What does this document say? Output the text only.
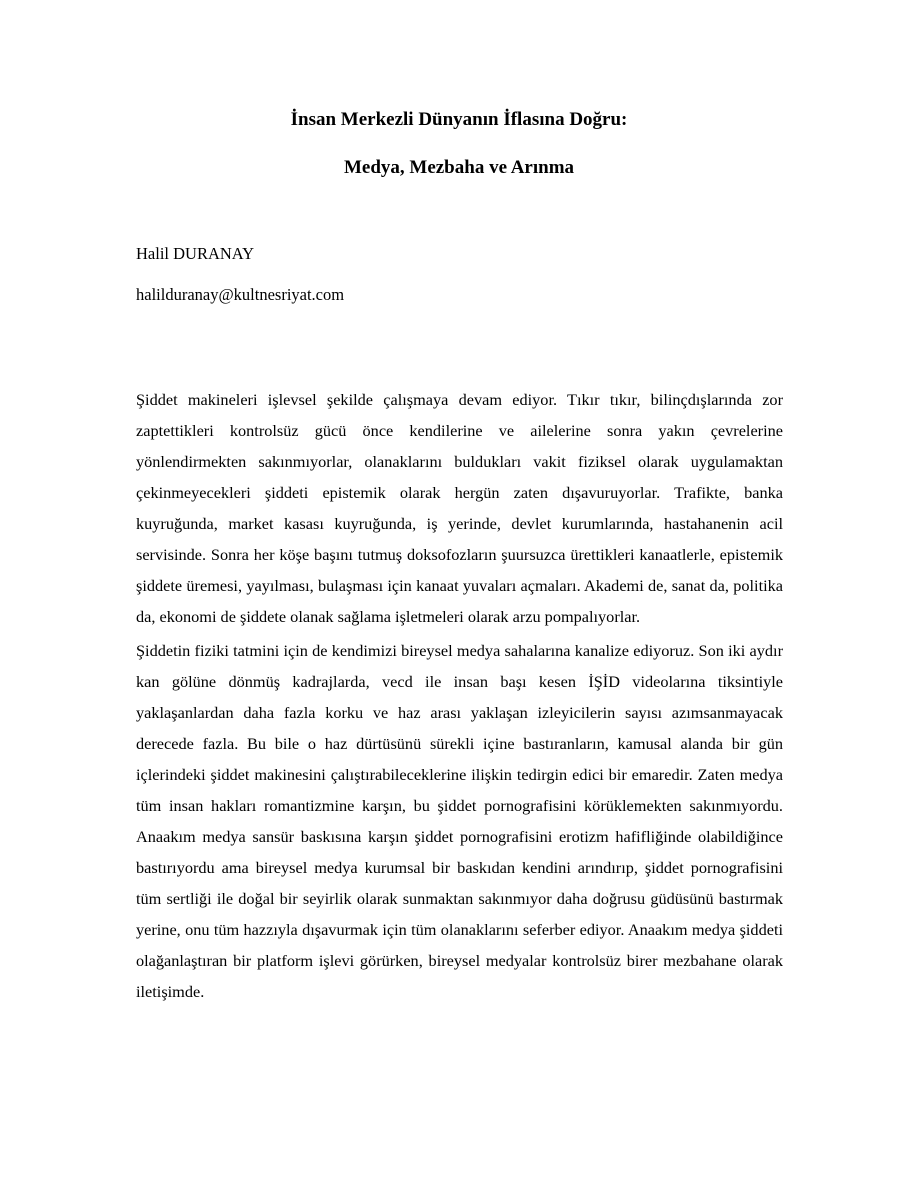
İnsan Merkezli Dünyanın İflasına Doğru:
Medya, Mezbaha ve Arınma

Halil DURANAY

halilduranay@kultnesriyat.com

Şiddet makineleri işlevsel şekilde çalışmaya devam ediyor. Tıkır tıkır, bilinçdışlarında zor zaptettikleri kontrolsüz gücü önce kendilerine ve ailelerine sonra yakın çevrelerine yönlendirmekten sakınmıyorlar, olanaklarını buldukları vakit fiziksel olarak uygulamaktan çekinmeyecekleri şiddeti epistemik olarak hergün zaten dışavuruyorlar. Trafikte, banka kuyruğunda, market kasası kuyruğunda, iş yerinde, devlet kurumlarında, hastahanenin acil servisinde. Sonra her köşe başını tutmuş doksofozların şuursuzca ürettikleri kanaatlerle, epistemik şiddete üremesi, yayılması, bulaşması için kanaat yuvaları açmaları. Akademi de, sanat da, politika da, ekonomi de şiddete olanak sağlama işletmeleri olarak arzu pompalıyorlar.

Şiddetin fiziki tatmini için de kendimizi bireysel medya sahalarına kanalize ediyoruz. Son iki aydır kan gölüne dönmüş kadrajlarda, vecd ile insan başı kesen İŞİD videolarına tiksintiyle yaklaşanlardan daha fazla korku ve haz arası yaklaşan izleyicilerin sayısı azımsanmayacak derecede fazla. Bu bile o haz dürtüsünü sürekli içine bastıranların, kamusal alanda bir gün içlerindeki şiddet makinesini çalıştırabileceklerine ilişkin tedirgin edici bir emaredir. Zaten medya tüm insan hakları romantizmine karşın, bu şiddet pornografisini körüklemekten sakınmıyordu. Anaakım medya sansür baskısına karşın şiddet pornografisini erotizm hafifliğinde olabildiğince bastırıyordu ama bireysel medya kurumsal bir baskıdan kendini arındırıp, şiddet pornografisini tüm sertliği ile doğal bir seyirlik olarak sunmaktan sakınmıyor daha doğrusu güdüsünü bastırmak yerine, onu tüm hazzıyla dışavurmak için tüm olanaklarını seferber ediyor. Anaakım medya şiddeti olağanlaştıran bir platform işlevi görürken, bireysel medyalar kontrolsüz birer mezbahane olarak iletişimde.
